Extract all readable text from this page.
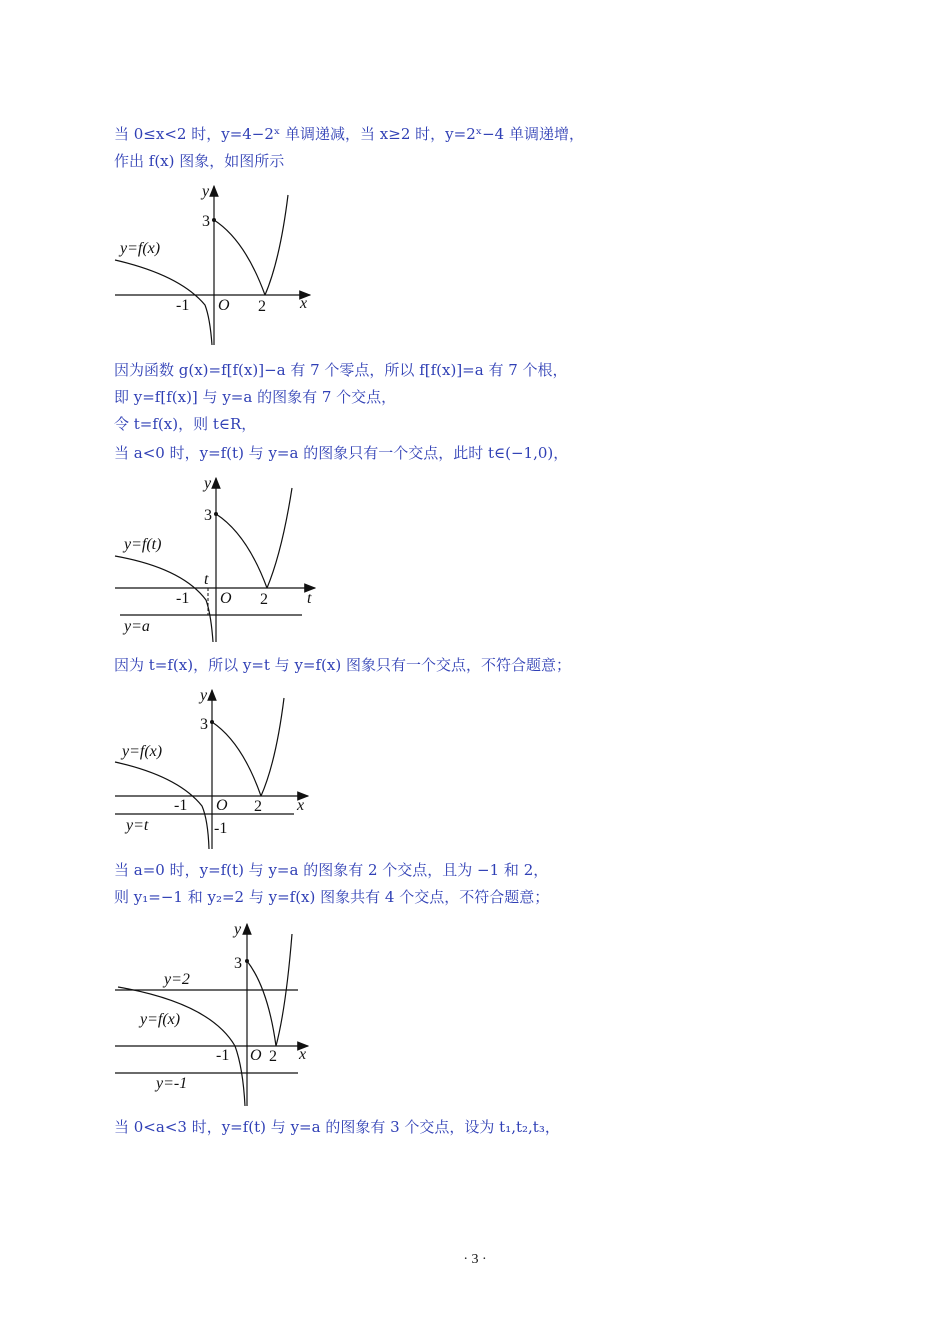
当 0≤x<2 时，y=4−2ˣ 单调递减，当 x≥2 时，y=2ˣ−4 单调递增，
作出 f(x) 图象，如图所示
y
x
O
3
-1	2
y=f(x)
因为函数 g(x)=f[f(x)]−a 有 7 个零点，所以 f[f(x)]=a 有 7 个根，
即 y=f[f(x)] 与 y=a 的图象有 7 个交点，
令 t=f(x)，则 t∈R，
当 a<0 时，y=f(t) 与 y=a 的图象只有一个交点，此时 t∈(−1,0)，
y
t
O
3
-1	2
t
y=f(t)
y=a
因为 t=f(x)，所以 y=t 与 y=f(x) 图象只有一个交点，不符合题意；
y
x
O
3
-1	2
-1
y=f(x)
y=t
当 a=0 时，y=f(t) 与 y=a 的图象有 2 个交点，且为 −1 和 2，
则 y₁=−1 和 y₂=2 与 y=f(x) 图象共有 4 个交点，不符合题意；
y
x
O
3
-1 2
y=2
y=f(x)
y=-1
当 0<a<3 时，y=f(t) 与 y=a 的图象有 3 个交点，设为 t₁,t₂,t₃，
· 3 ·
